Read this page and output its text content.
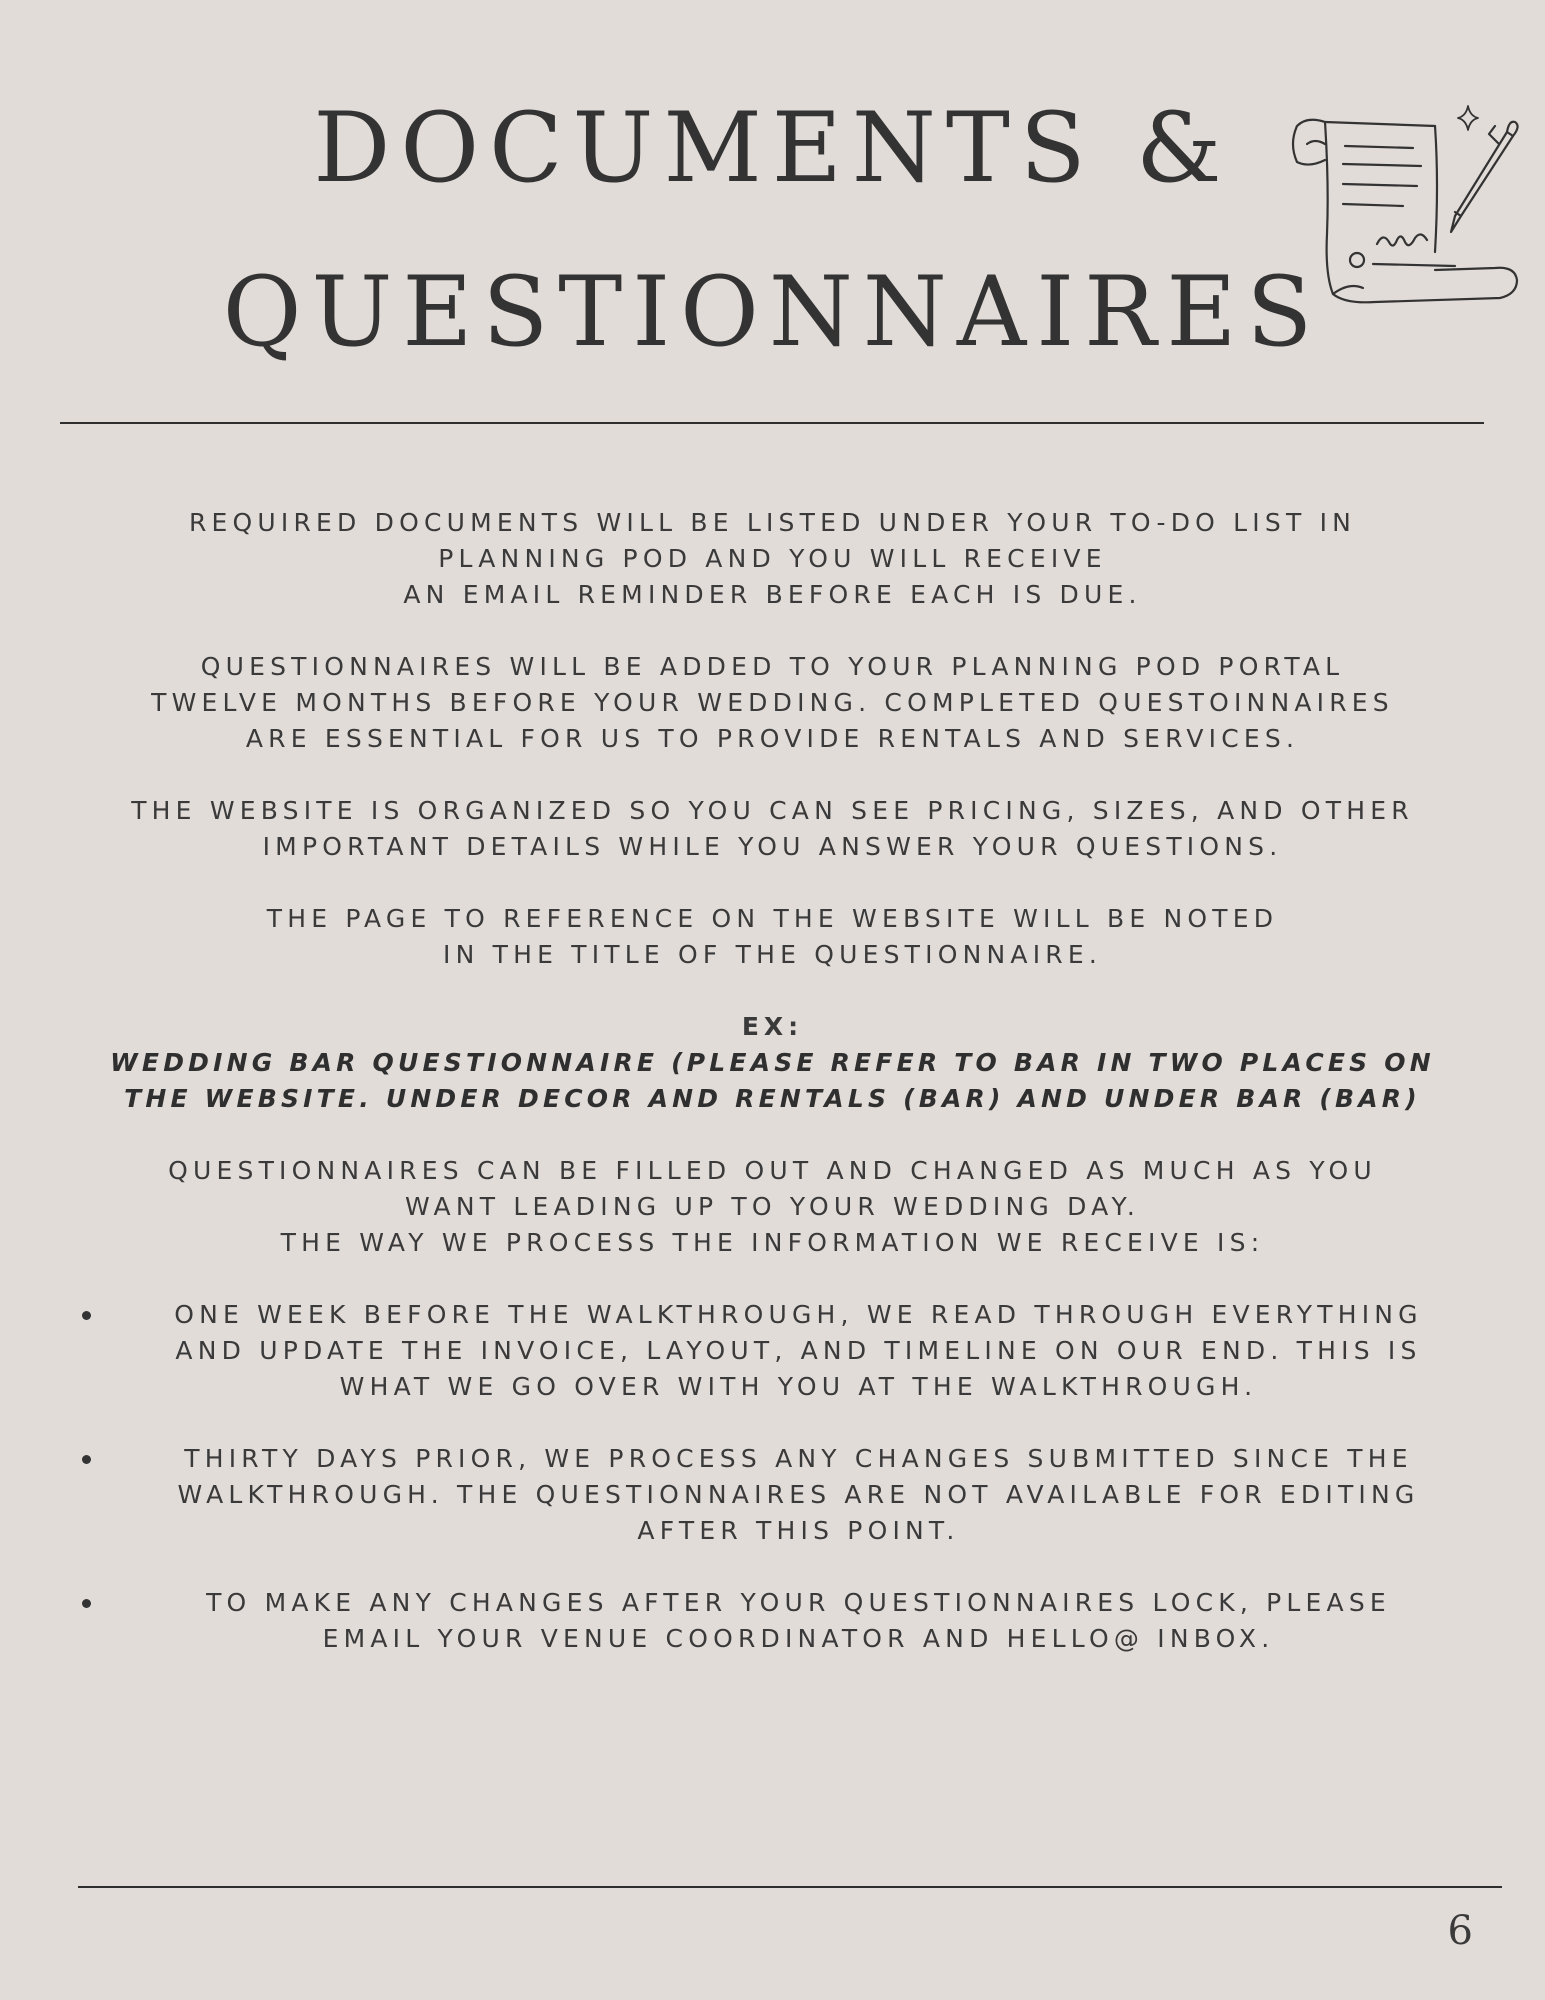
DOCUMENTS &
QUESTIONNAIRES
REQUIRED DOCUMENTS WILL BE LISTED UNDER YOUR TO-DO LIST IN
PLANNING POD AND YOU WILL RECEIVE
AN EMAIL REMINDER BEFORE EACH IS DUE.
QUESTIONNAIRES WILL BE ADDED TO YOUR PLANNING POD PORTAL
TWELVE MONTHS BEFORE YOUR WEDDING. COMPLETED QUESTOINNAIRES
ARE ESSENTIAL FOR US TO PROVIDE RENTALS AND SERVICES.
THE WEBSITE IS ORGANIZED SO YOU CAN SEE PRICING, SIZES, AND OTHER
IMPORTANT DETAILS WHILE YOU ANSWER YOUR QUESTIONS.
THE PAGE TO REFERENCE ON THE WEBSITE WILL BE NOTED
IN THE TITLE OF THE QUESTIONNAIRE.
EX:
WEDDING BAR QUESTIONNAIRE (PLEASE REFER TO BAR IN TWO PLACES ON
THE WEBSITE. UNDER DECOR AND RENTALS (BAR) AND UNDER BAR (BAR)
QUESTIONNAIRES CAN BE FILLED OUT AND CHANGED AS MUCH AS YOU
WANT LEADING UP TO YOUR WEDDING DAY.
THE WAY WE PROCESS THE INFORMATION WE RECEIVE IS:
ONE WEEK BEFORE THE WALKTHROUGH, WE READ THROUGH EVERYTHING
AND UPDATE THE INVOICE, LAYOUT, AND TIMELINE ON OUR END. THIS IS
WHAT WE GO OVER WITH YOU AT THE WALKTHROUGH.
THIRTY DAYS PRIOR, WE PROCESS ANY CHANGES SUBMITTED SINCE THE
WALKTHROUGH. THE QUESTIONNAIRES ARE NOT AVAILABLE FOR EDITING
AFTER THIS POINT.
TO MAKE ANY CHANGES AFTER YOUR QUESTIONNAIRES LOCK, PLEASE
EMAIL YOUR VENUE COORDINATOR AND HELLO@ INBOX.
6
